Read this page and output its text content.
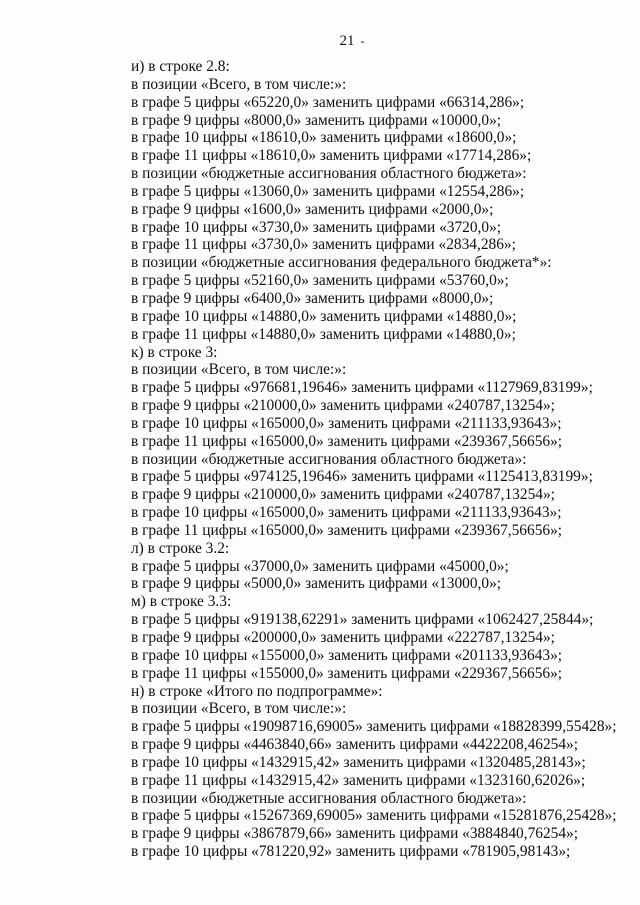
21 -
и) в строке 2.8:
в позиции «Всего, в том числе:»:
в графе 5 цифры «65220,0» заменить цифрами «66314,286»;
в графе 9 цифры «8000,0» заменить цифрами «10000,0»;
в графе 10 цифры «18610,0» заменить цифрами «18600,0»;
в графе 11 цифры «18610,0» заменить цифрами «17714,286»;
в позиции «бюджетные ассигнования областного бюджета»:
в графе 5 цифры «13060,0» заменить цифрами «12554,286»;
в графе 9 цифры «1600,0» заменить цифрами «2000,0»;
в графе 10 цифры «3730,0» заменить цифрами «3720,0»;
в графе 11 цифры «3730,0» заменить цифрами «2834,286»;
в позиции «бюджетные ассигнования федерального бюджета*»:
в графе 5 цифры «52160,0» заменить цифрами «53760,0»;
в графе 9 цифры «6400,0» заменить цифрами «8000,0»;
в графе 10 цифры «14880,0» заменить цифрами «14880,0»;
в графе 11 цифры «14880,0» заменить цифрами «14880,0»;
к) в строке 3:
в позиции «Всего, в том числе:»:
в графе 5 цифры «976681,19646» заменить цифрами «1127969,83199»;
в графе 9 цифры «210000,0» заменить цифрами «240787,13254»;
в графе 10 цифры «165000,0» заменить цифрами «211133,93643»;
в графе 11 цифры «165000,0» заменить цифрами «239367,56656»;
в позиции «бюджетные ассигнования областного бюджета»:
в графе 5 цифры «974125,19646» заменить цифрами «1125413,83199»;
в графе 9 цифры «210000,0» заменить цифрами «240787,13254»;
в графе 10 цифры «165000,0» заменить цифрами «211133,93643»;
в графе 11 цифры «165000,0» заменить цифрами «239367,56656»;
л) в строке 3.2:
в графе 5 цифры «37000,0» заменить цифрами «45000,0»;
в графе 9 цифры «5000,0» заменить цифрами «13000,0»;
м) в строке 3.3:
в графе 5 цифры «919138,62291» заменить цифрами «1062427,25844»;
в графе 9 цифры «200000,0» заменить цифрами «222787,13254»;
в графе 10 цифры «155000,0» заменить цифрами «201133,93643»;
в графе 11 цифры «155000,0» заменить цифрами «229367,56656»;
н) в строке «Итого по подпрограмме»:
в позиции «Всего, в том числе:»:
в графе 5 цифры «19098716,69005» заменить цифрами «18828399,55428»;
в графе 9 цифры «4463840,66» заменить цифрами «4422208,46254»;
в графе 10 цифры «1432915,42» заменить цифрами «1320485,28143»;
в графе 11 цифры «1432915,42» заменить цифрами «1323160,62026»;
в позиции «бюджетные ассигнования областного бюджета»:
в графе 5 цифры «15267369,69005» заменить цифрами «15281876,25428»;
в графе 9 цифры «3867879,66» заменить цифрами «3884840,76254»;
в графе 10 цифры «781220,92» заменить цифрами «781905,98143»;
